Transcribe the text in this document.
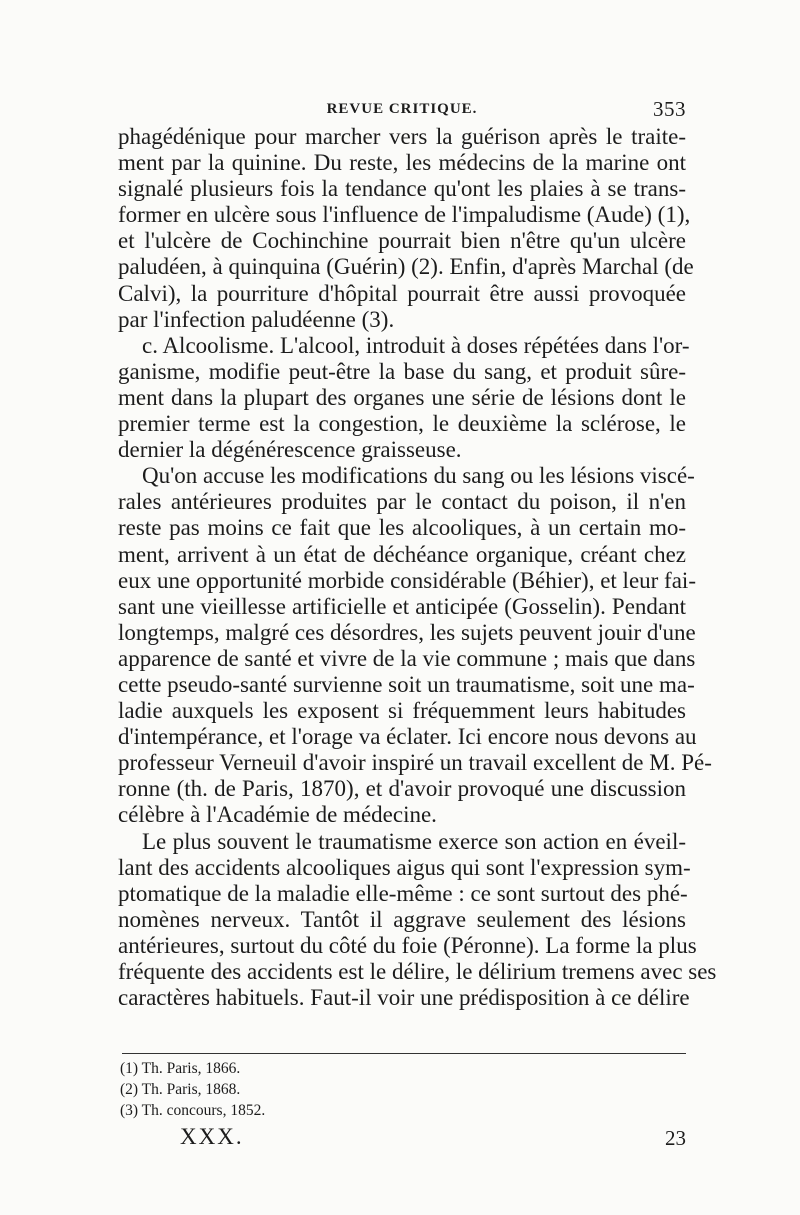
REVUE CRITIQUE.	353
phagédénique pour marcher vers la guérison après le traite-
ment par la quinine. Du reste, les médecins de la marine ont
signalé plusieurs fois la tendance qu'ont les plaies à se trans-
former en ulcère sous l'influence de l'impaludisme (Aude) (1),
et l'ulcère de Cochinchine pourrait bien n'être qu'un ulcère
paludéen, à quinquina (Guérin) (2). Enfin, d'après Marchal (de
Calvi), la pourriture d'hôpital pourrait être aussi provoquée
par l'infection paludéenne (3).
c. Alcoolisme. L'alcool, introduit à doses répétées dans l'or-
ganisme, modifie peut-être la base du sang, et produit sûre-
ment dans la plupart des organes une série de lésions dont le
premier terme est la congestion, le deuxième la sclérose, le
dernier la dégénérescence graisseuse.
Qu'on accuse les modifications du sang ou les lésions viscé-
rales antérieures produites par le contact du poison, il n'en
reste pas moins ce fait que les alcooliques, à un certain mo-
ment, arrivent à un état de déchéance organique, créant chez
eux une opportunité morbide considérable (Béhier), et leur fai-
sant une vieillesse artificielle et anticipée (Gosselin). Pendant
longtemps, malgré ces désordres, les sujets peuvent jouir d'une
apparence de santé et vivre de la vie commune ; mais que dans
cette pseudo-santé survienne soit un traumatisme, soit une ma-
ladie auxquels les exposent si fréquemment leurs habitudes
d'intempérance, et l'orage va éclater. Ici encore nous devons au
professeur Verneuil d'avoir inspiré un travail excellent de M. Pé-
ronne (th. de Paris, 1870), et d'avoir provoqué une discussion
célèbre à l'Académie de médecine.
Le plus souvent le traumatisme exerce son action en éveil-
lant des accidents alcooliques aigus qui sont l'expression sym-
ptomatique de la maladie elle-même : ce sont surtout des phé-
nomènes nerveux. Tantôt il aggrave seulement des lésions
antérieures, surtout du côté du foie (Péronne). La forme la plus
fréquente des accidents est le délire, le délirium tremens avec ses
caractères habituels. Faut-il voir une prédisposition à ce délire
(1) Th. Paris, 1866.
(2) Th. Paris, 1868.
(3) Th. concours, 1852.
XXX.	23
